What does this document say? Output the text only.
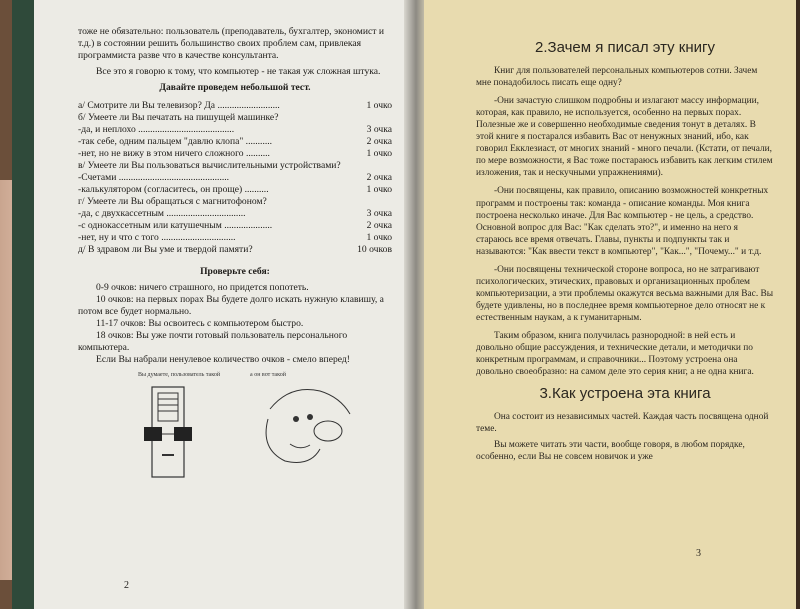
тоже не обязательно: пользователь (преподаватель, бухгалтер, экономист и т.д.) в состоянии решить большинство своих проблем сам, привлекая программиста разве что в качестве консультанта.

Все это я говорю к тому, что компьютер - не такая уж сложная штука.

Давайте проведем небольшой тест.

а/ Смотрите ли Вы телевизор? Да ..........................	1 очко
б/ Умеете ли Вы печатать на пишущей машинке?
-да, и неплохо ........................................	3 очка
-так себе, одним пальцем "давлю клопа" ...........	2 очка
-нет, но не вижу в этом ничего сложного ..........	1 очко
в/ Умеете ли Вы пользоваться вычислительными устройствами?
-Счетами ..............................................	2 очка
-калькулятором (согласитесь, он проще) ..........	1 очко
г/ Умеете ли Вы обращаться с магнитофоном?
-да, с двухкассетным .................................	3 очка
-с однокассетным или катушечным ....................	2 очка
-нет, ну и что с того ...............................	1 очко
д/ В здравом ли Вы уме и твердой памяти?	10 очков

Проверьте себя:

0-9 очков: ничего страшного, но придется попотеть.

10 очков: на первых порах Вы будете долго искать нужную клавишу, а потом все будет нормально.

11-17 очков: Вы освоитесь с компьютером быстро.

18 очков: Вы уже почти готовый пользователь персонального компьютера.

Если Вы набрали ненулевое количество очков - смело вперед!

Вы думаете, пользователь такой	а он вот такой
2

2.Зачем я писал эту книгу

Книг для пользователей персональных компьютеров сотни. Зачем мне понадобилось писать еще одну?

-Они зачастую слишком подробны и излагают массу информации, которая, как правило, не используется, особенно на первых порах. Полезные же и совершенно необходимые сведения тонут в деталях. В этой книге я постарался избавить Вас от ненужных знаний, ибо, как говорил Екклезиаст, от многих знаний - много печали. (Кстати, от печали, по мере возможности, я Вас тоже постараюсь избавить как легким стилем изложения, так и нескучными упражнениями).

-Они посвящены, как правило, описанию возможностей конкретных программ и построены так: команда - описание команды. Моя книга построена несколько иначе. Для Вас компьютер - не цель, а средство. Основной вопрос для Вас: "Как сделать это?", и именно на него я стараюсь все время отвечать. Главы, пункты и подпункты так и называются: "Как ввести текст в компьютер", "Как...", "Почему..." и т.д.

-Они посвящены технической стороне вопроса, но не затрагивают психологических, этических, правовых и организационных проблем компьютеризации, а эти проблемы окажутся весьма важными для Вас. Вы будете удивлены, но в последнее время компьютерное дело относят не к естественным наукам, а к гуманитарным.

Таким образом, книга получилась разнородной: в ней есть и довольно общие рассуждения, и технические детали, и методички по конкретным программам, и справочники... Поэтому устроена она довольно своеобразно: на самом деле это серия книг, а не одна книга.

3.Как устроена эта книга

Она состоит из независимых частей. Каждая часть посвящена одной теме.

Вы можете читать эти части, вообще говоря, в любом порядке, особенно, если Вы не совсем новичок и уже

3
